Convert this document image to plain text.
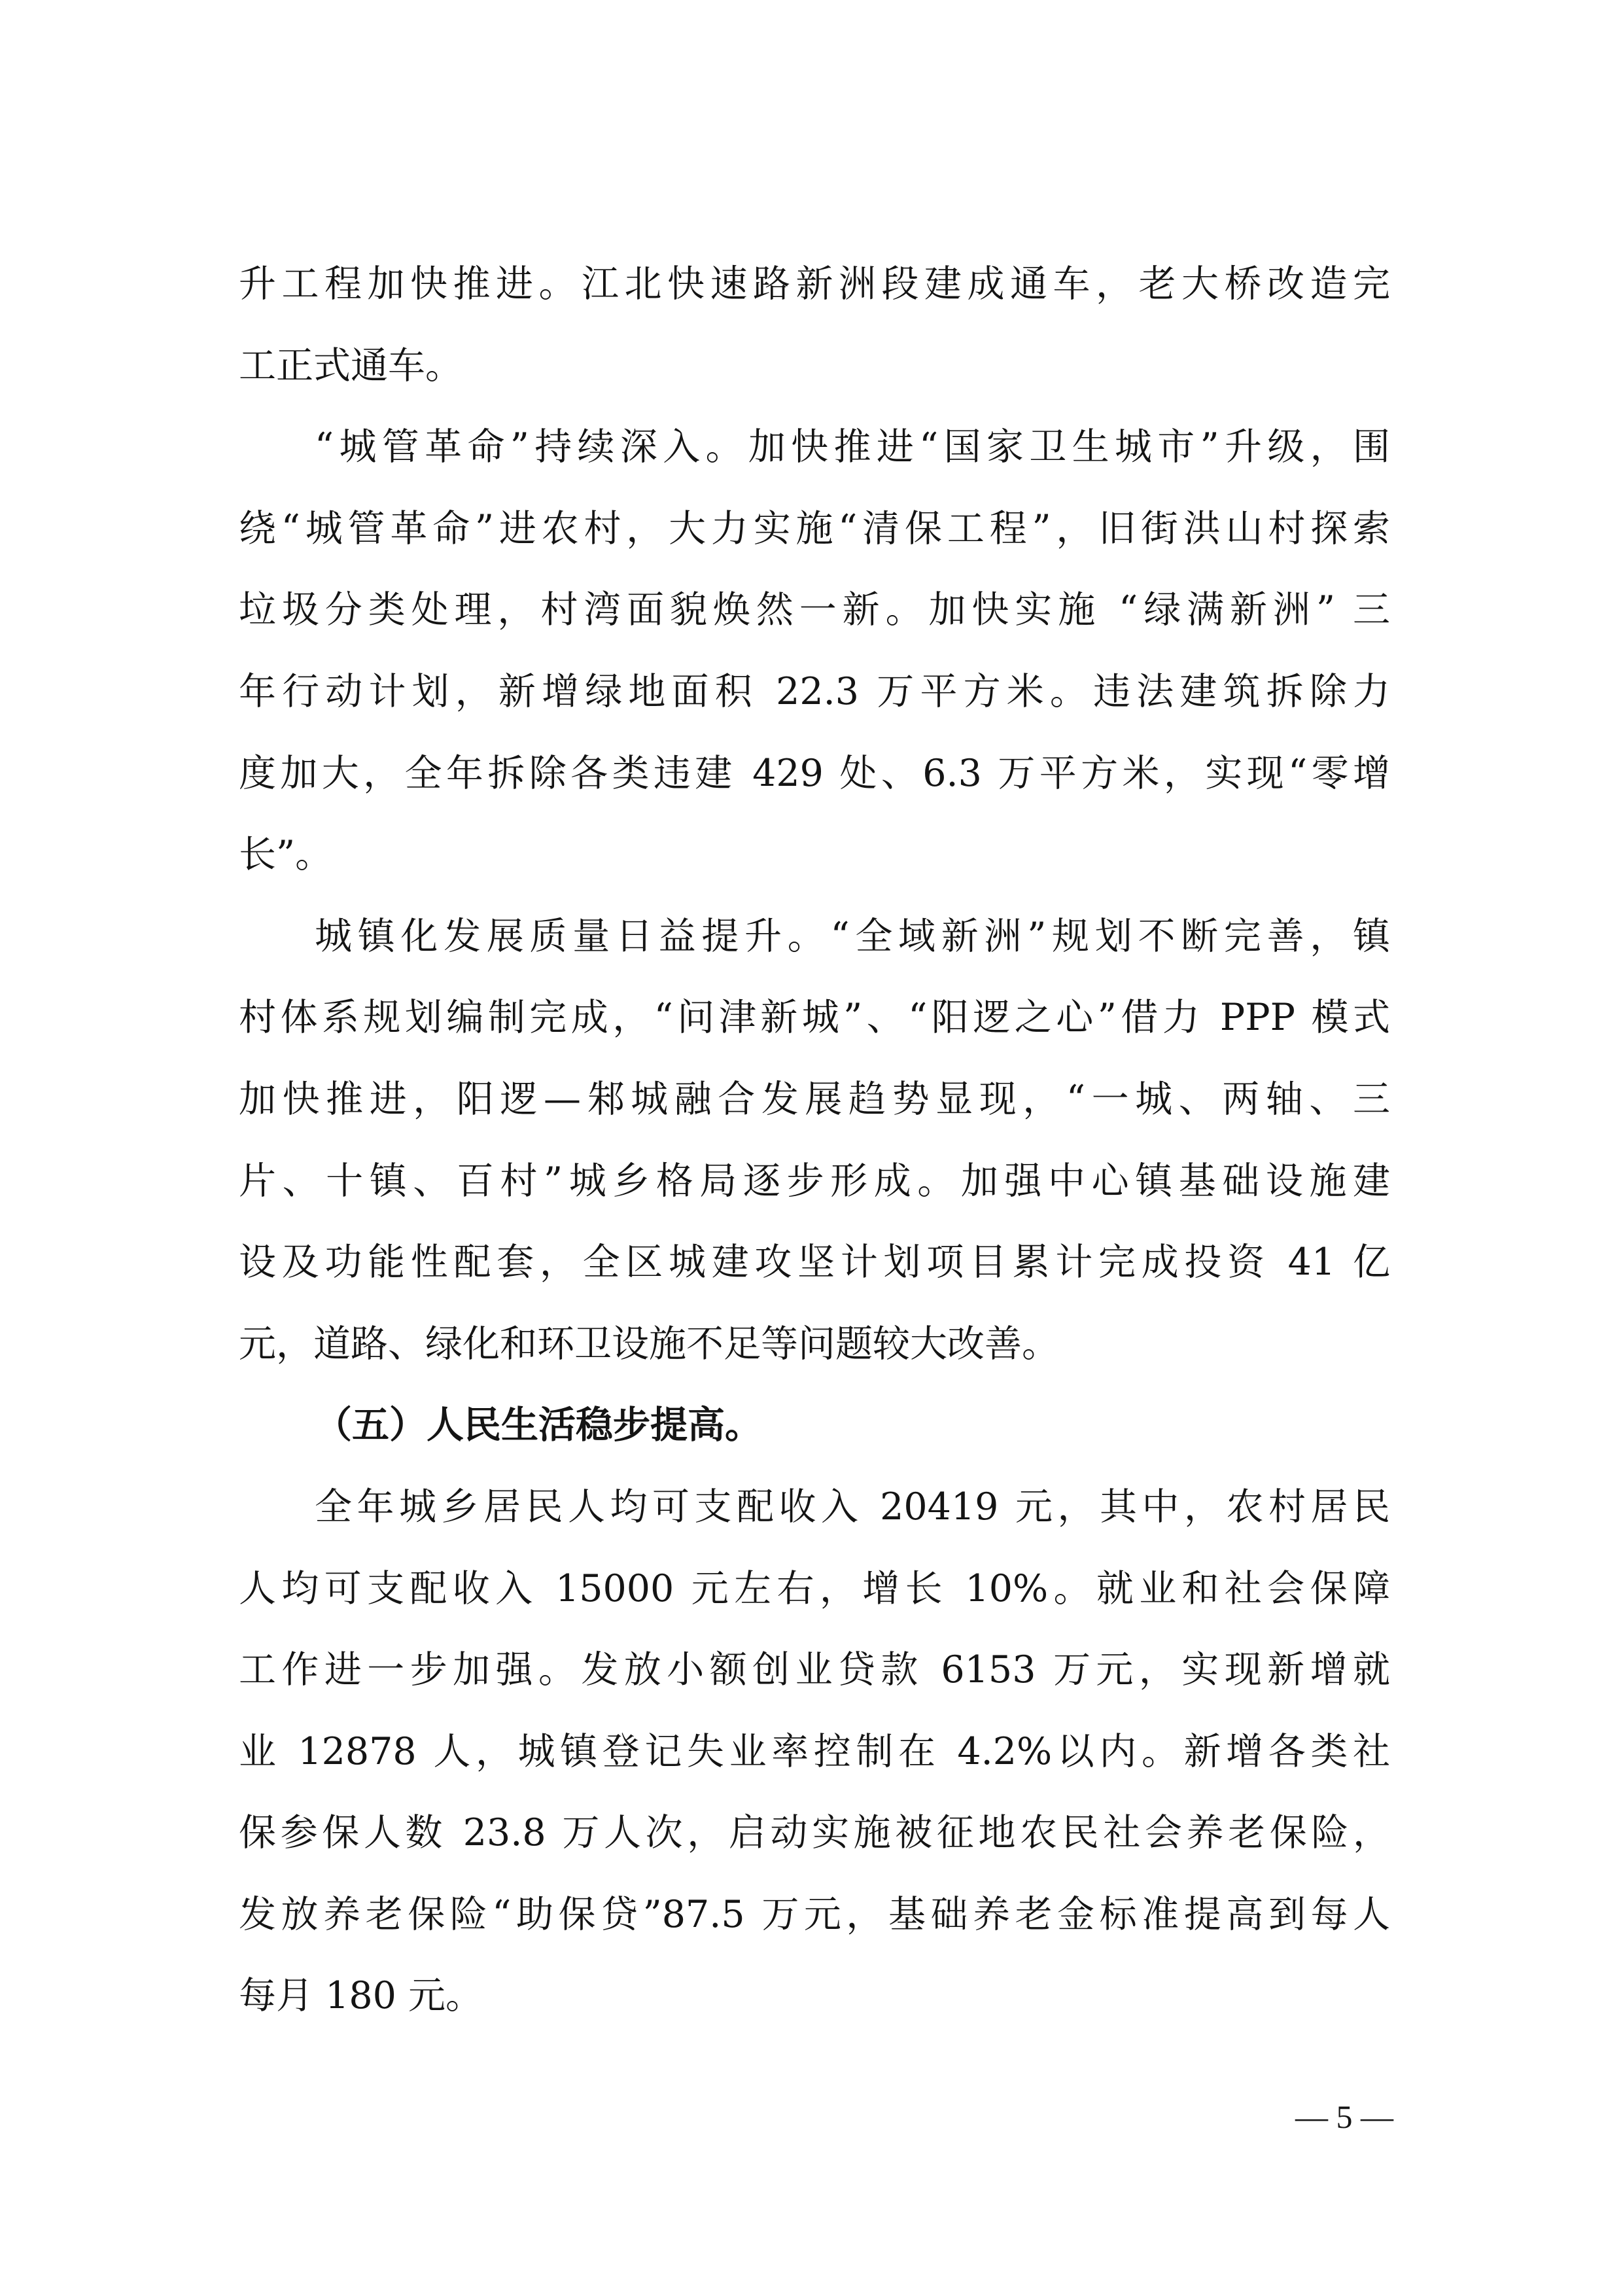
升工程加快推进。江北快速路新洲段建成通车，老大桥改造完
工正式通车。
“城管革命”持续深入。加快推进“国家卫生城市”升级，围
绕“城管革命”进农村，大力实施“清保工程”，旧街洪山村探索
垃圾分类处理，村湾面貌焕然一新。加快实施 “绿满新洲” 三
年行动计划，新增绿地面积 22.3 万平方米。违法建筑拆除力
度加大，全年拆除各类违建 429 处、6.3 万平方米，实现“零增
长”。
城镇化发展质量日益提升。“全域新洲”规划不断完善，镇
村体系规划编制完成，“问津新城”、“阳逻之心”借力 PPP 模式
加快推进，阳逻—邾城融合发展趋势显现，“一城、两轴、三
片、十镇、百村”城乡格局逐步形成。加强中心镇基础设施建
设及功能性配套，全区城建攻坚计划项目累计完成投资 41 亿
元，道路、绿化和环卫设施不足等问题较大改善。
（五）人民生活稳步提高。
全年城乡居民人均可支配收入 20419 元，其中，农村居民
人均可支配收入 15000 元左右，增长 10%。就业和社会保障
工作进一步加强。发放小额创业贷款 6153 万元，实现新增就
业 12878 人，城镇登记失业率控制在 4.2%以内。新增各类社
保参保人数 23.8 万人次，启动实施被征地农民社会养老保险，
发放养老保险“助保贷”87.5 万元，基础养老金标准提高到每人
每月 180 元。
— 5 —
